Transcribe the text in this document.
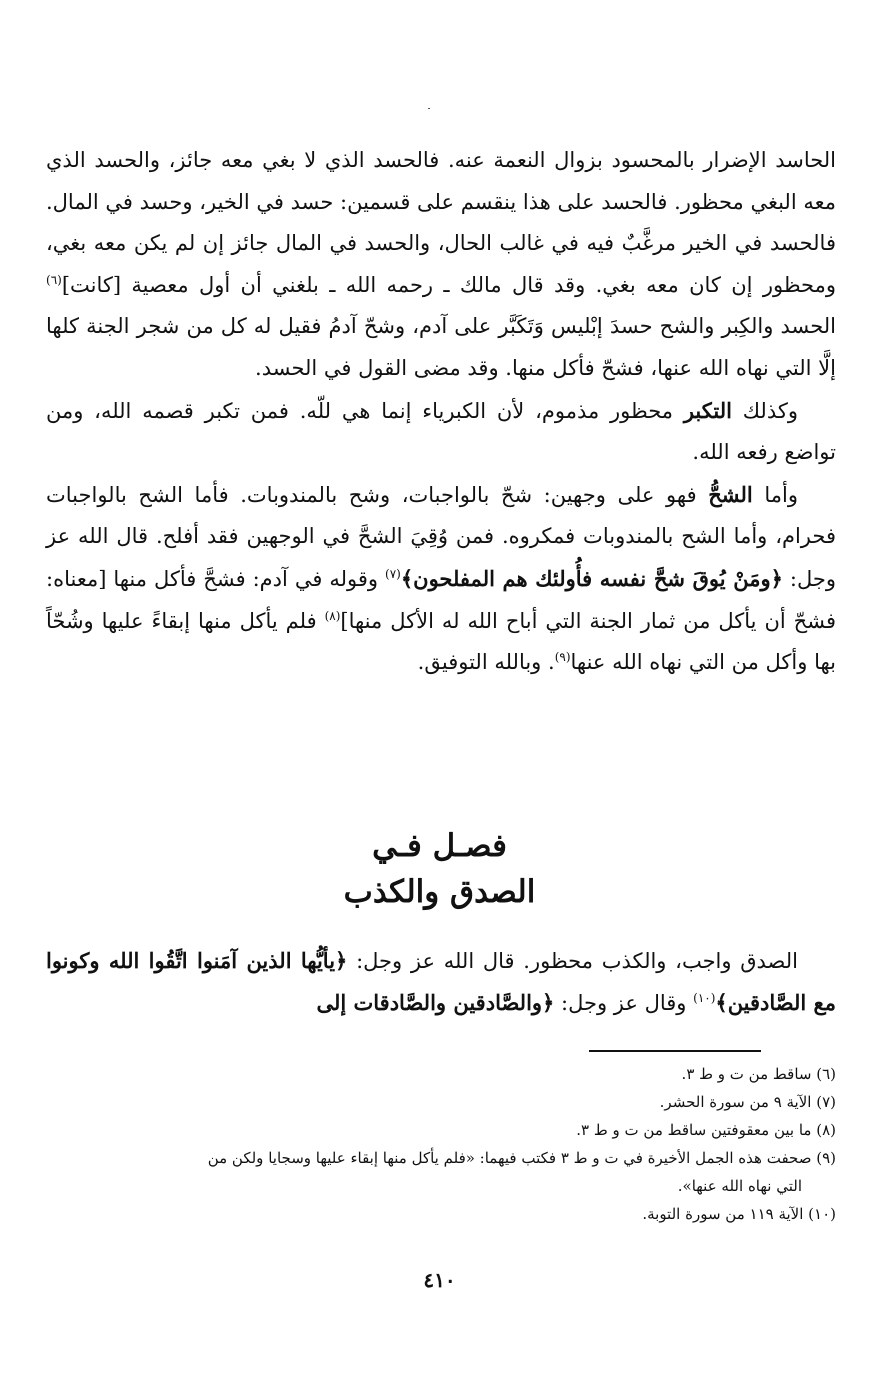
الحاسد الإضرار بالمحسود بزوال النعمة عنه. فالحسد الذي لا بغي معه جائز، والحسد الذي معه البغي محظور. فالحسد على هذا ينقسم على قسمين: حسد في الخير، وحسد في المال. فالحسد في الخير مرغَّبٌ فيه في غالب الحال، والحسد في المال جائز إن لم يكن معه بغي، ومحظور إن كان معه بغي. وقد قال مالك ـ رحمه الله ـ بلغني أن أول معصية [كانت]$^{(٦)}$ الحسد والكِبر والشح حسدَ إبْليس وَتَكَبَّر على آدم، وشحّ آدمُ فقيل له كل من شجر الجنة كلها إلَّا التي نهاه الله عنها، فشحّ فأكل منها. وقد مضى القول في الحسد.

وكذلك التكبر محظور مذموم، لأن الكبرياء إنما هي للّه. فمن تكبر قصمه الله، ومن تواضع رفعه الله.

وأما الشحُّ فهو على وجهين: شحّ بالواجبات، وشح بالمندوبات. فأما الشح بالواجبات فحرام، وأما الشح بالمندوبات فمكروه. فمن وُقِيَ الشحَّ في الوجهين فقد أفلح. قال الله عز وجل: ﴿ومَنْ يُوقَ شحَّ نفسه فأُولئك هم المفلحون﴾$^{(٧)}$ وقوله في آدم: فشحَّ فأكل منها [معناه: فشحّ أن يأكل من ثمار الجنة التي أباح الله له الأكل منها]$^{(٨)}$ فلم يأكل منها إبقاءً عليها وشُحّاً بها وأكل من التي نهاه الله عنها$^{(٩)}$. وبالله التوفيق.

فصـل فـي
الصدق والكذب

الصدق واجب، والكذب محظور. قال الله عز وجل: ﴿يأيُّها الذين آمَنوا اتَّقُوا الله وكونوا مع الصَّادقين﴾$^{(١٠)}$ وقال عز وجل: ﴿والصَّادقين والصَّادقات إلى

(٦) ساقط من ت و ط ٣.

(٧) الآية ٩ من سورة الحشر.

(٨) ما بين معقوفتين ساقط من ت و ط ٣.

(٩) صحفت هذه الجمل الأخيرة في ت و ط ٣ فكتب فيهما: «فلم يأكل منها إبقاء عليها وسجايا ولكن من

التي نهاه الله عنها».

(١٠) الآية ١١٩ من سورة التوبة.

٤١٠
